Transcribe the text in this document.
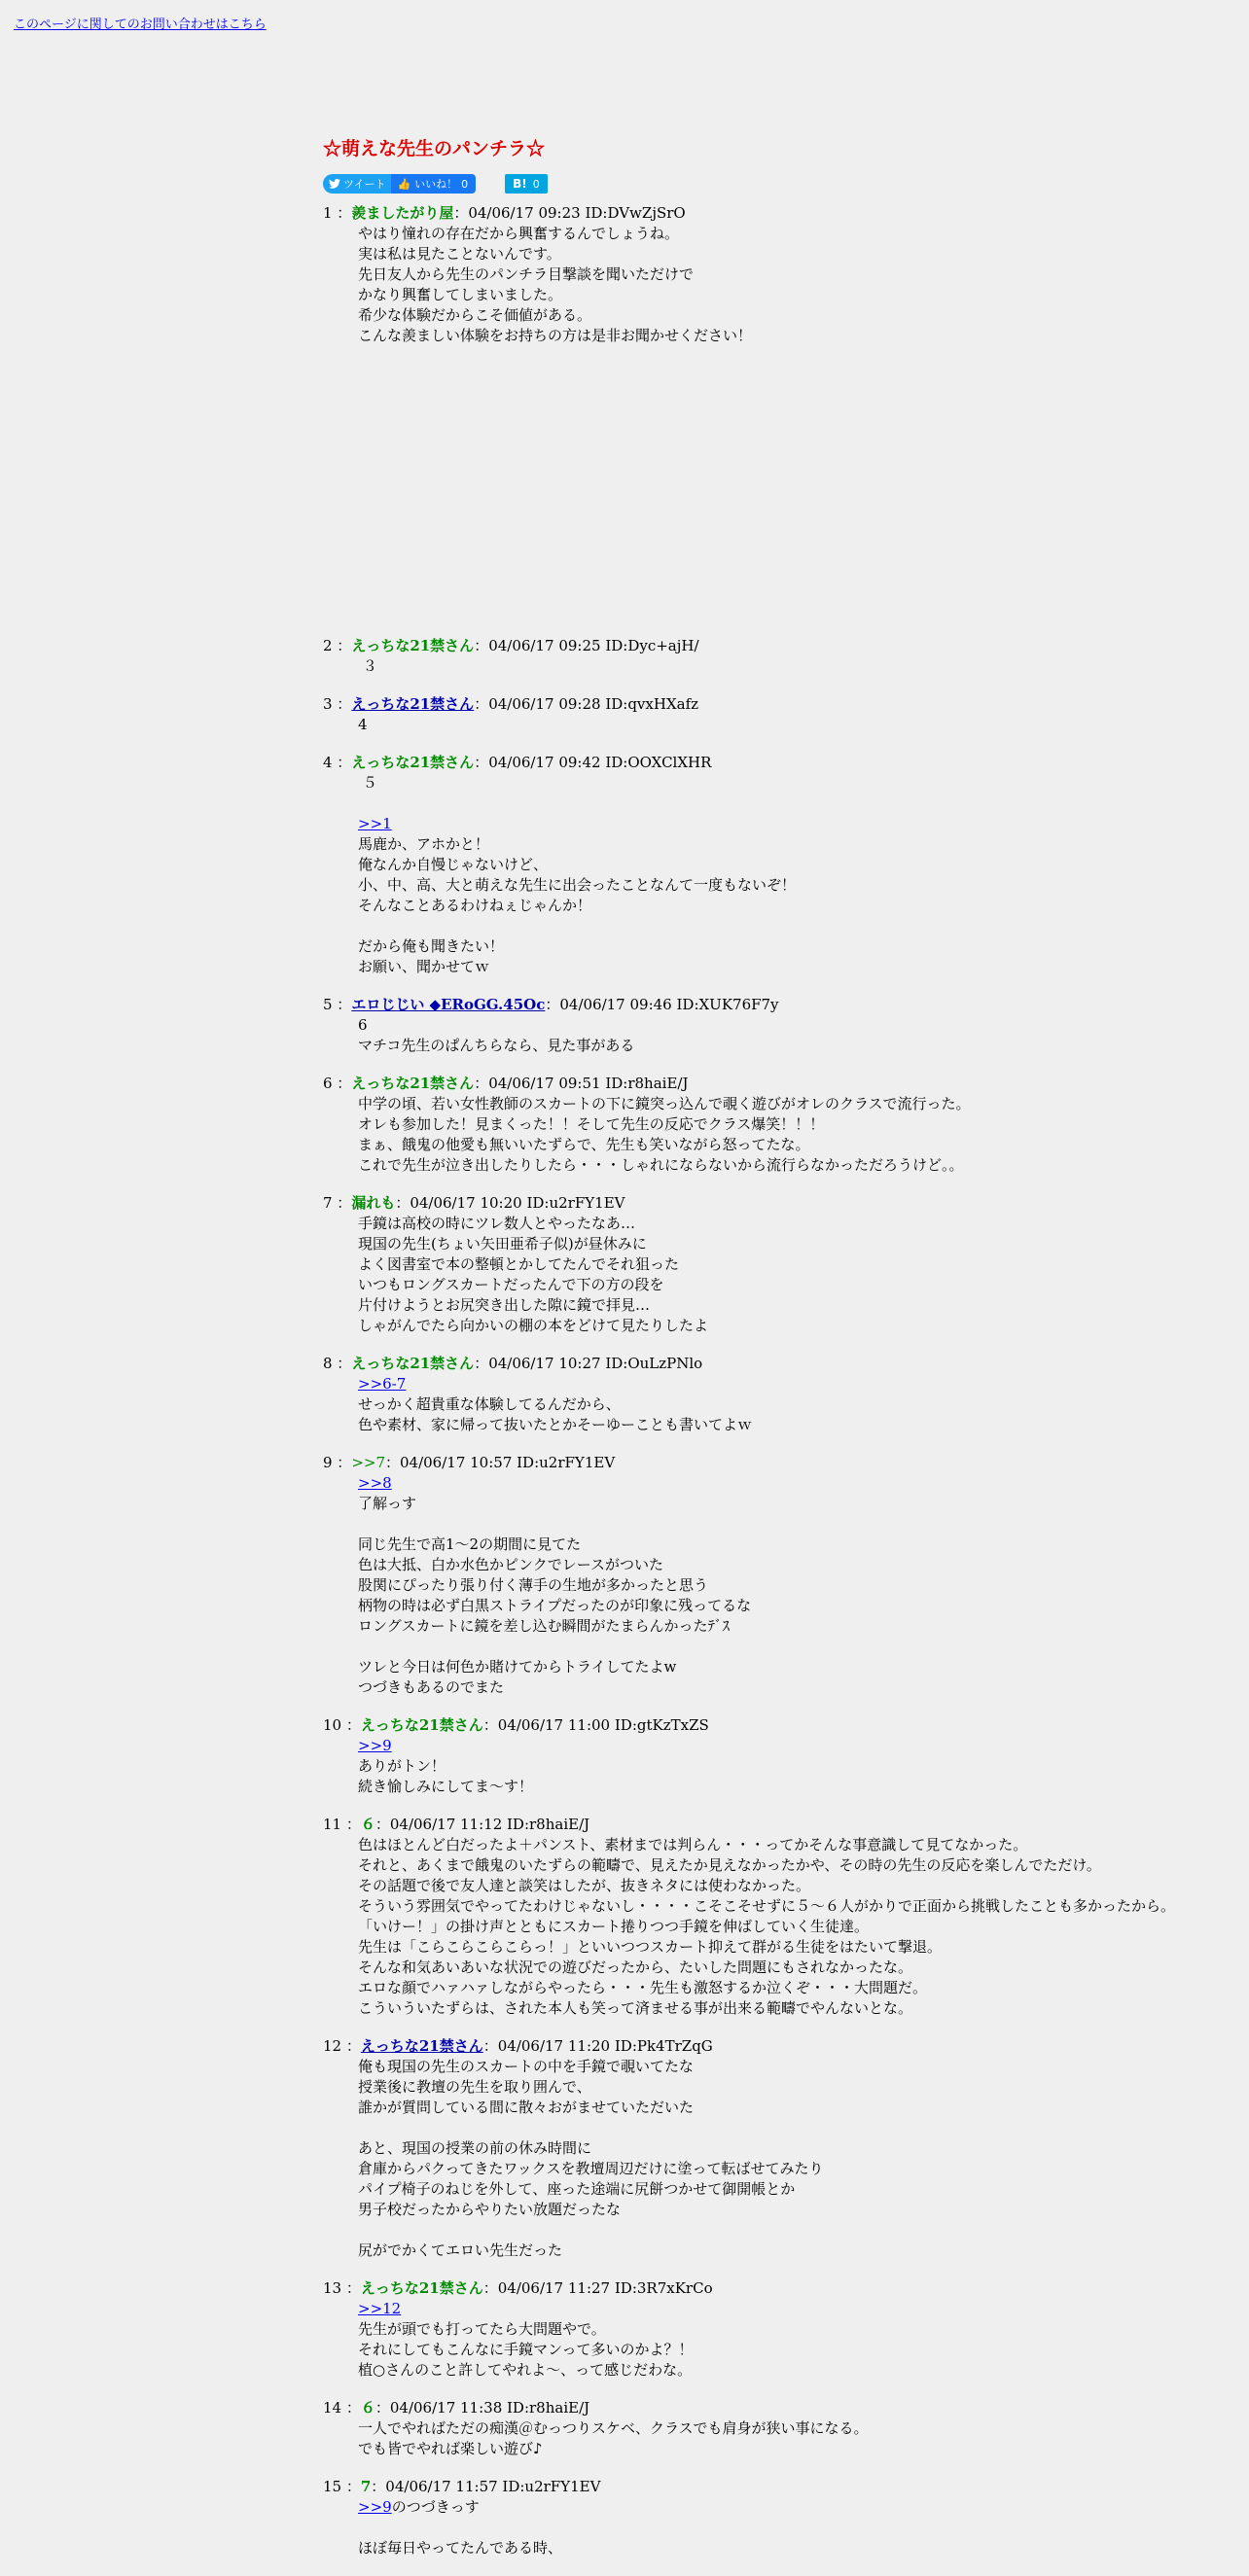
このページに関してのお問い合わせはこちら
☆萌えな先生のパンチラ☆
ツイート 👍 いいね！ 0	B! 0
1 ：羨ましたがり屋：04/06/17 09:23 ID:DVwZjSrO
やはり憧れの存在だから興奮するんでしょうね。
実は私は見たことないんです。
先日友人から先生のパンチラ目撃談を聞いただけで
かなり興奮してしまいました。
希少な体験だからこそ価値がある。
こんな羨ましい体験をお持ちの方は是非お聞かせください！
2 ：えっちな21禁さん：04/06/17 09:25 ID:Dyc+ajH/
３
3 ：えっちな21禁さん：04/06/17 09:28 ID:qvxHXafz
4
4 ：えっちな21禁さん：04/06/17 09:42 ID:OOXClXHR
５

>>1
馬鹿か、アホかと！
俺なんか自慢じゃないけど、
小、中、高、大と萌えな先生に出会ったことなんて一度もないぞ！
そんなことあるわけねぇじゃんか！

だから俺も聞きたい！
お願い、聞かせてｗ
5 ：エロじじい ◆ERoGG.45Oc：04/06/17 09:46 ID:XUK76F7y
6
マチコ先生のぱんちらなら、見た事がある
6 ：えっちな21禁さん：04/06/17 09:51 ID:r8haiE/J
中学の頃、若い女性教師のスカートの下に鏡突っ込んで覗く遊びがオレのクラスで流行った。
オレも参加した！見まくった！！そして先生の反応でクラス爆笑！！！
まぁ、餓鬼の他愛も無いいたずらで、先生も笑いながら怒ってたな。
これで先生が泣き出したりしたら・・・しゃれにならないから流行らなかっただろうけど。。
7 ：漏れも：04/06/17 10:20 ID:u2rFY1EV
手鏡は高校の時にツレ数人とやったなあ…
現国の先生(ちょい矢田亜希子似)が昼休みに
よく図書室で本の整頓とかしてたんでそれ狙った
いつもロングスカートだったんで下の方の段を
片付けようとお尻突き出した隙に鏡で拝見…
しゃがんでたら向かいの棚の本をどけて見たりしたよ
8 ：えっちな21禁さん：04/06/17 10:27 ID:OuLzPNlo
>>6-7
せっかく超貴重な体験してるんだから、
色や素材、家に帰って抜いたとかそーゆーことも書いてよｗ
9 ：>>7：04/06/17 10:57 ID:u2rFY1EV
>>8
了解っす

同じ先生で高1～2の期間に見てた
色は大抵、白か水色かピンクでレースがついた
股関にぴったり張り付く薄手の生地が多かったと思う
柄物の時は必ず白黒ストライプだったのが印象に残ってるな
ロングスカートに鏡を差し込む瞬間がたまらんかったﾃﾞｽ

ツレと今日は何色か賭けてからトライしてたよw
つづきもあるのでまた
10 ：えっちな21禁さん：04/06/17 11:00 ID:gtKzTxZS
>>9
ありがトン！
続き愉しみにしてま～す！
11 ：６：04/06/17 11:12 ID:r8haiE/J
色はほとんど白だったよ＋パンスト、素材までは判らん・・・ってかそんな事意識して見てなかった。
それと、あくまで餓鬼のいたずらの範疇で、見えたか見えなかったかや、その時の先生の反応を楽しんでただけ。
その話題で後で友人達と談笑はしたが、抜きネタには使わなかった。
そういう雰囲気でやってたわけじゃないし・・・・こそこそせずに５～６人がかりで正面から挑戦したことも多かったから。
「いけー！」の掛け声とともにスカート捲りつつ手鏡を伸ばしていく生徒達。
先生は「こらこらこらこらっ！」といいつつスカート抑えて群がる生徒をはたいて撃退。
そんな和気あいあいな状況での遊びだったから、たいした問題にもされなかったな。
エロな顔でハァハァしながらやったら・・・先生も激怒するか泣くぞ・・・大問題だ。
こういういたずらは、された本人も笑って済ませる事が出来る範疇でやんないとな。
12 ：えっちな21禁さん：04/06/17 11:20 ID:Pk4TrZqG
俺も現国の先生のスカートの中を手鏡で覗いてたな
授業後に教壇の先生を取り囲んで、
誰かが質問している間に散々おがませていただいた

あと、現国の授業の前の休み時間に
倉庫からパクってきたワックスを教壇周辺だけに塗って転ばせてみたり
パイプ椅子のねじを外して、座った途端に尻餅つかせて御開帳とか
男子校だったからやりたい放題だったな

尻がでかくてエロい先生だった
13 ：えっちな21禁さん：04/06/17 11:27 ID:3R7xKrCo
>>12
先生が頭でも打ってたら大問題やで。
それにしてもこんなに手鏡マンって多いのかよ？！
植○さんのこと許してやれよ～、って感じだわな。
14 ：６：04/06/17 11:38 ID:r8haiE/J
一人でやればただの痴漢＠むっつりスケベ、クラスでも肩身が狭い事になる。
でも皆でやれば楽しい遊び♪
15 ：7：04/06/17 11:57 ID:u2rFY1EV
>>9のつづきっす

ほぼ毎日やってたんである時、
